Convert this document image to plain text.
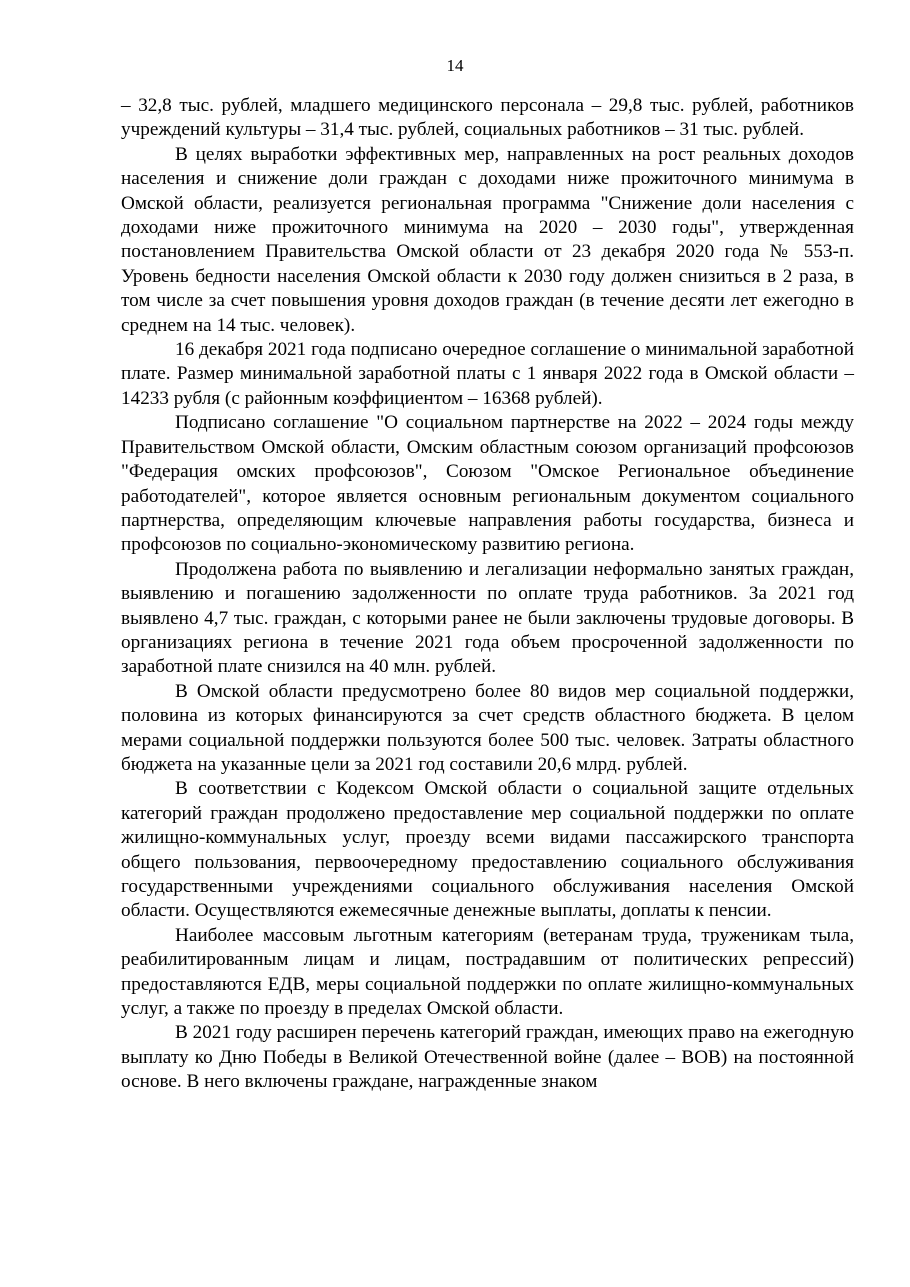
14

– 32,8 тыс. рублей, младшего медицинского персонала – 29,8 тыс. рублей, работников учреждений культуры – 31,4 тыс. рублей, социальных работников – 31 тыс. рублей.

В целях выработки эффективных мер, направленных на рост реальных доходов населения и снижение доли граждан с доходами ниже прожиточного минимума в Омской области, реализуется региональная программа "Снижение доли населения с доходами ниже прожиточного минимума на 2020 – 2030 годы", утвержденная постановлением Правительства Омской области от 23 декабря 2020 года № 553-п. Уровень бедности населения Омской области к 2030 году должен снизиться в 2 раза, в том числе за счет повышения уровня доходов граждан (в течение десяти лет ежегодно в среднем на 14 тыс. человек).

16 декабря 2021 года подписано очередное соглашение о минимальной заработной плате. Размер минимальной заработной платы с 1 января 2022 года в Омской области – 14233 рубля (с районным коэффициентом – 16368 рублей).

Подписано соглашение "О социальном партнерстве на 2022 – 2024 годы между Правительством Омской области, Омским областным союзом организаций профсоюзов "Федерация омских профсоюзов", Союзом "Омское Региональное объединение работодателей", которое является основным региональным документом социального партнерства, определяющим ключевые направления работы государства, бизнеса и профсоюзов по социально-экономическому развитию региона.

Продолжена работа по выявлению и легализации неформально занятых граждан, выявлению и погашению задолженности по оплате труда работников. За 2021 год выявлено 4,7 тыс. граждан, с которыми ранее не были заключены трудовые договоры. В организациях региона в течение 2021 года объем просроченной задолженности по заработной плате снизился на 40 млн. рублей.

В Омской области предусмотрено более 80 видов мер социальной поддержки, половина из которых финансируются за счет средств областного бюджета. В целом мерами социальной поддержки пользуются более 500 тыс. человек. Затраты областного бюджета на указанные цели за 2021 год составили 20,6 млрд. рублей.

В соответствии с Кодексом Омской области о социальной защите отдельных категорий граждан продолжено предоставление мер социальной поддержки по оплате жилищно-коммунальных услуг, проезду всеми видами пассажирского транспорта общего пользования, первоочередному предоставлению социального обслуживания государственными учреждениями социального обслуживания населения Омской области. Осуществляются ежемесячные денежные выплаты, доплаты к пенсии.

Наиболее массовым льготным категориям (ветеранам труда, труженикам тыла, реабилитированным лицам и лицам, пострадавшим от политических репрессий) предоставляются ЕДВ, меры социальной поддержки по оплате жилищно-коммунальных услуг, а также по проезду в пределах Омской области.

В 2021 году расширен перечень категорий граждан, имеющих право на ежегодную выплату ко Дню Победы в Великой Отечественной войне (далее – ВОВ) на постоянной основе. В него включены граждане, награжденные знаком
